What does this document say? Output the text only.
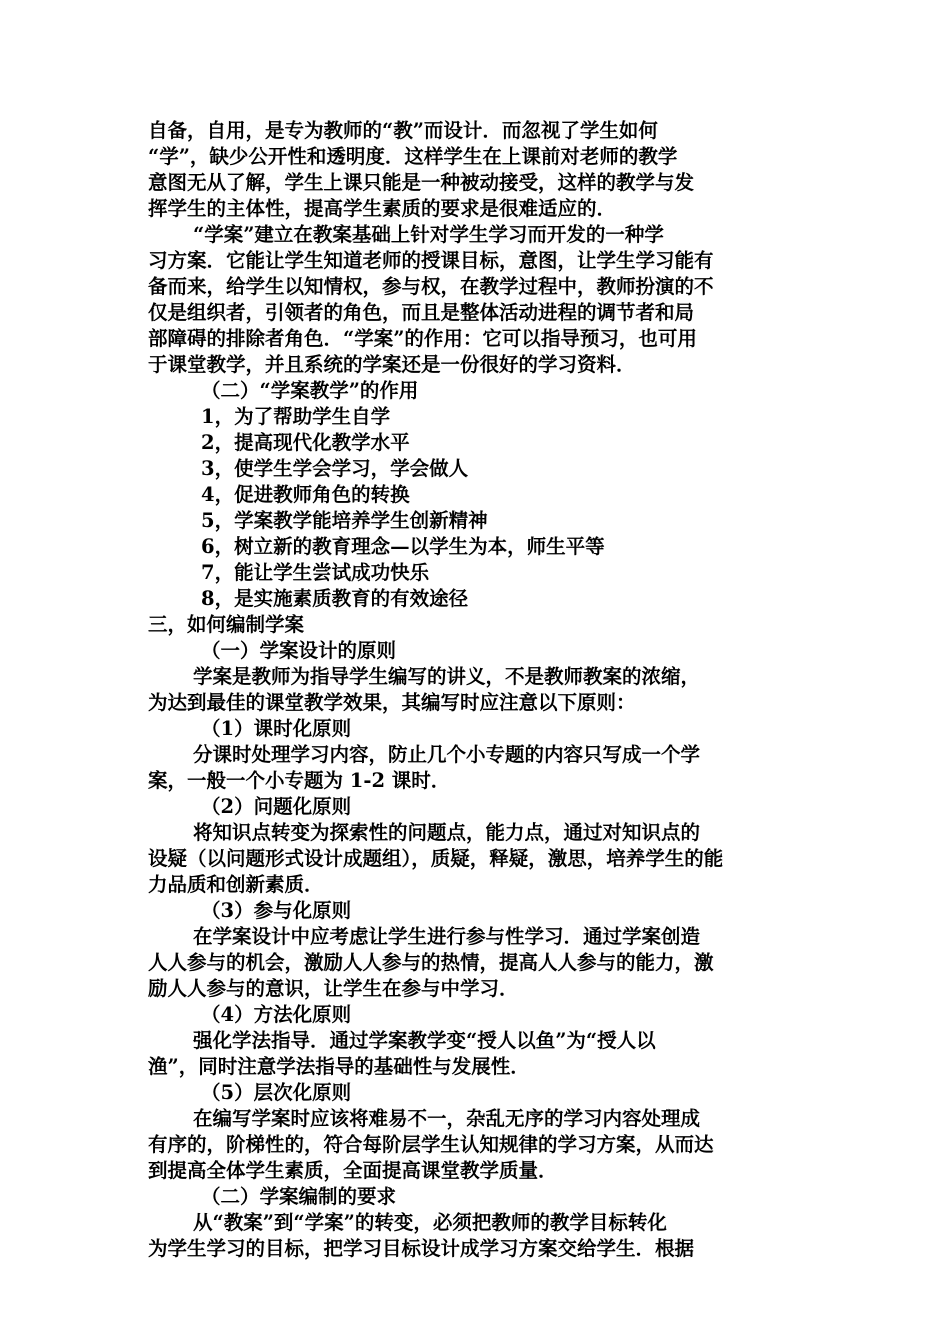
自备，自用，是专为教师的“教”而设计．而忽视了学生如何
“学”，缺少公开性和透明度．这样学生在上课前对老师的教学
意图无从了解，学生上课只能是一种被动接受，这样的教学与发
挥学生的主体性，提高学生素质的要求是很难适应的．
“学案”建立在教案基础上针对学生学习而开发的一种学
习方案．它能让学生知道老师的授课目标，意图，让学生学习能有
备而来，给学生以知情权，参与权，在教学过程中，教师扮演的不
仅是组织者，引领者的角色，而且是整体活动进程的调节者和局
部障碍的排除者角色．“学案”的作用：它可以指导预习，也可用
于课堂教学，并且系统的学案还是一份很好的学习资料．
（二）“学案教学”的作用
1，为了帮助学生自学
2，提高现代化教学水平
3，使学生学会学习，学会做人
4，促进教师角色的转换
5，学案教学能培养学生创新精神
6，树立新的教育理念—以学生为本，师生平等
7，能让学生尝试成功快乐
8，是实施素质教育的有效途径
三，如何编制学案
（一）学案设计的原则
学案是教师为指导学生编写的讲义，不是教师教案的浓缩，
为达到最佳的课堂教学效果，其编写时应注意以下原则：
（1）课时化原则
分课时处理学习内容，防止几个小专题的内容只写成一个学
案，一般一个小专题为 1-2 课时．
（2）问题化原则
将知识点转变为探索性的问题点，能力点，通过对知识点的
设疑（以问题形式设计成题组），质疑，释疑，激思，培养学生的能
力品质和创新素质．
（3）参与化原则
在学案设计中应考虑让学生进行参与性学习．通过学案创造
人人参与的机会，激励人人参与的热情，提高人人参与的能力，激
励人人参与的意识，让学生在参与中学习．
（4）方法化原则
强化学法指导．通过学案教学变“授人以鱼”为“授人以
渔”，同时注意学法指导的基础性与发展性．
（5）层次化原则
在编写学案时应该将难易不一，杂乱无序的学习内容处理成
有序的，阶梯性的，符合每阶层学生认知规律的学习方案，从而达
到提高全体学生素质，全面提高课堂教学质量．
（二）学案编制的要求
从“教案”到“学案”的转变，必须把教师的教学目标转化
为学生学习的目标，把学习目标设计成学习方案交给学生．根据
